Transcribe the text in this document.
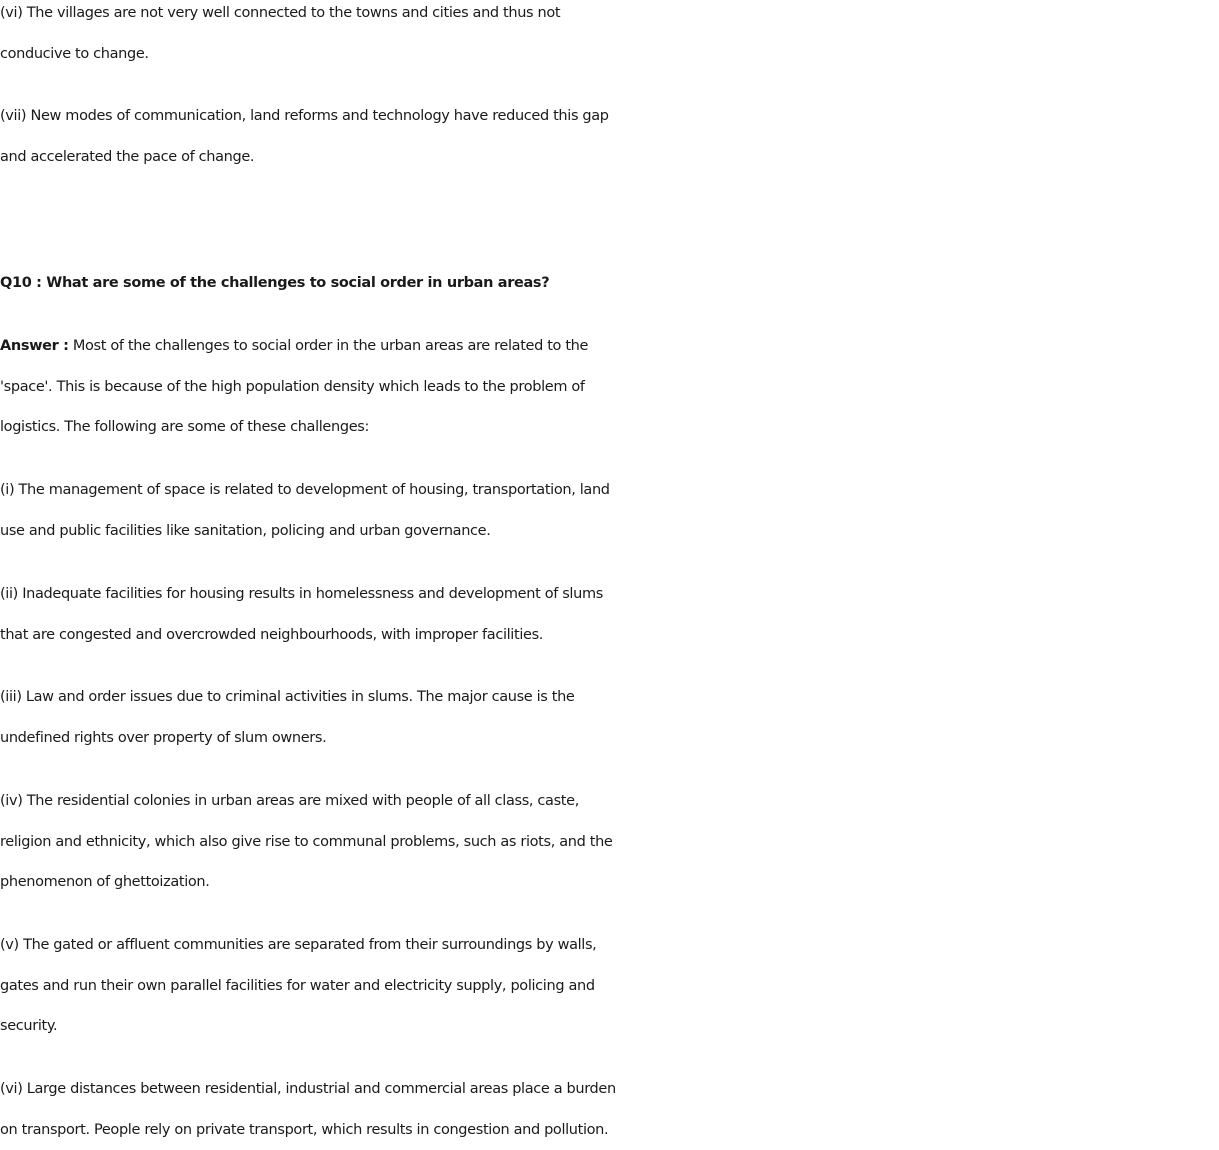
(vi) The villages are not very well connected to the towns and cities and thus not
conducive to change.

(vii) New modes of communication, land reforms and technology have reduced this gap
and accelerated the pace of change.

Q10 : What are some of the challenges to social order in urban areas?

Answer : Most of the challenges to social order in the urban areas are related to the
'space'. This is because of the high population density which leads to the problem of
logistics. The following are some of these challenges:

(i) The management of space is related to development of housing, transportation, land
use and public facilities like sanitation, policing and urban governance.

(ii) Inadequate facilities for housing results in homelessness and development of slums
that are congested and overcrowded neighbourhoods, with improper facilities.

(iii) Law and order issues due to criminal activities in slums. The major cause is the
undefined rights over property of slum owners.

(iv) The residential colonies in urban areas are mixed with people of all class, caste,
religion and ethnicity, which also give rise to communal problems, such as riots, and the
phenomenon of ghettoization.

(v) The gated or affluent communities are separated from their surroundings by walls,
gates and run their own parallel facilities for water and electricity supply, policing and
security.

(vi) Large distances between residential, industrial and commercial areas place a burden
on transport. People rely on private transport, which results in congestion and pollution.
